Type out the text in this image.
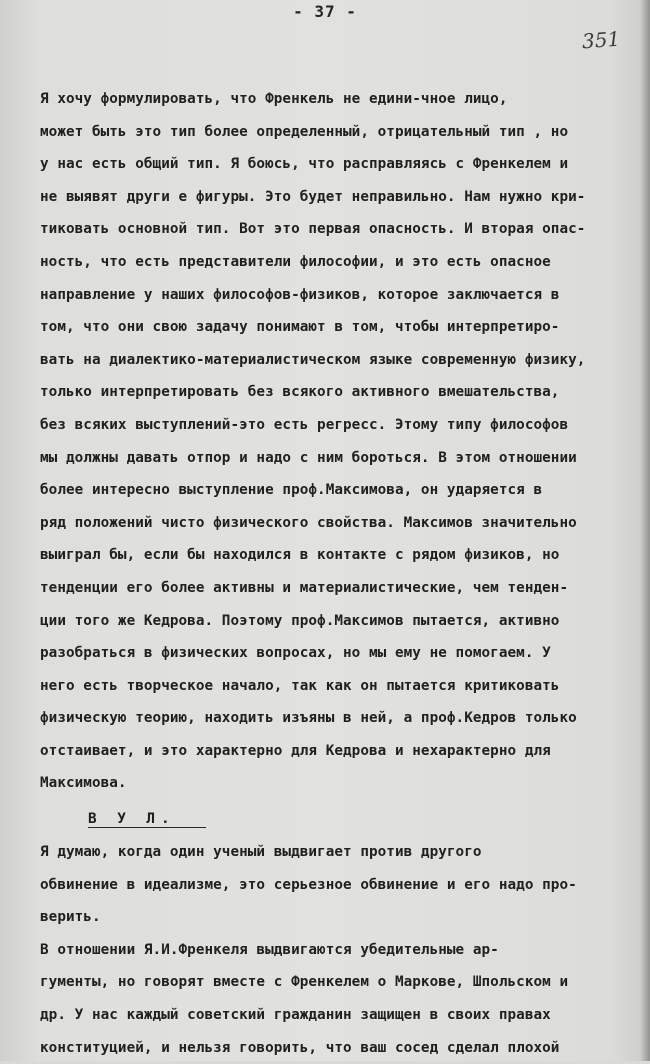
- 37 -
351
Я хочу формулировать, что Френкель не едини-чное лицо,
может быть это тип более определенный, отрицательный тип , но
у нас есть общий тип. Я боюсь, что расправляясь с Френкелем и
не выявят други е фигуры. Это будет неправильно. Нам нужно кри-
тиковать основной тип. Вот это первая опасность. И вторая опас-
ность, что есть представители философии, и это есть опасное
направление у наших философов-физиков, которое заключается в
том, что они свою задачу понимают в том, чтобы интерпретиро-
вать на диалектико-материалистическом языке современную физику,
только интерпретировать без всякого активного вмешательства,
без всяких выступлений-это есть регресс. Этому типу философов
мы должны давать отпор и надо с ним бороться. В этом отношении
более интересно выступление проф.Максимова, он ударяется в
ряд положений чисто физического свойства. Максимов значительно
выиграл бы, если бы находился в контакте с рядом физиков, но
тенденции его более активны и материалистические, чем тенден-
ции того же Кедрова. Поэтому проф.Максимов пытается, активно
разобраться в физических вопросах, но мы ему не помогаем. У
него есть творческое начало, так как он пытается критиковать
физическую теорию, находить изъяны в ней, а проф.Кедров только
отстаивает, и это характерно для Кедрова и нехарактерно для
Максимова.
В У Л.
Я думаю, когда один ученый выдвигает против другого
обвинение в идеализме, это серьезное обвинение и его надо про-
верить.
В отношении Я.И.Френкеля выдвигаются убедительные ар-
гументы, но говорят вместе с Френкелем о Маркове, Шпольском и
др. У нас каждый советский гражданин защищен в своих правах
конституцией, и нельзя говорить, что ваш сосед сделал плохой
